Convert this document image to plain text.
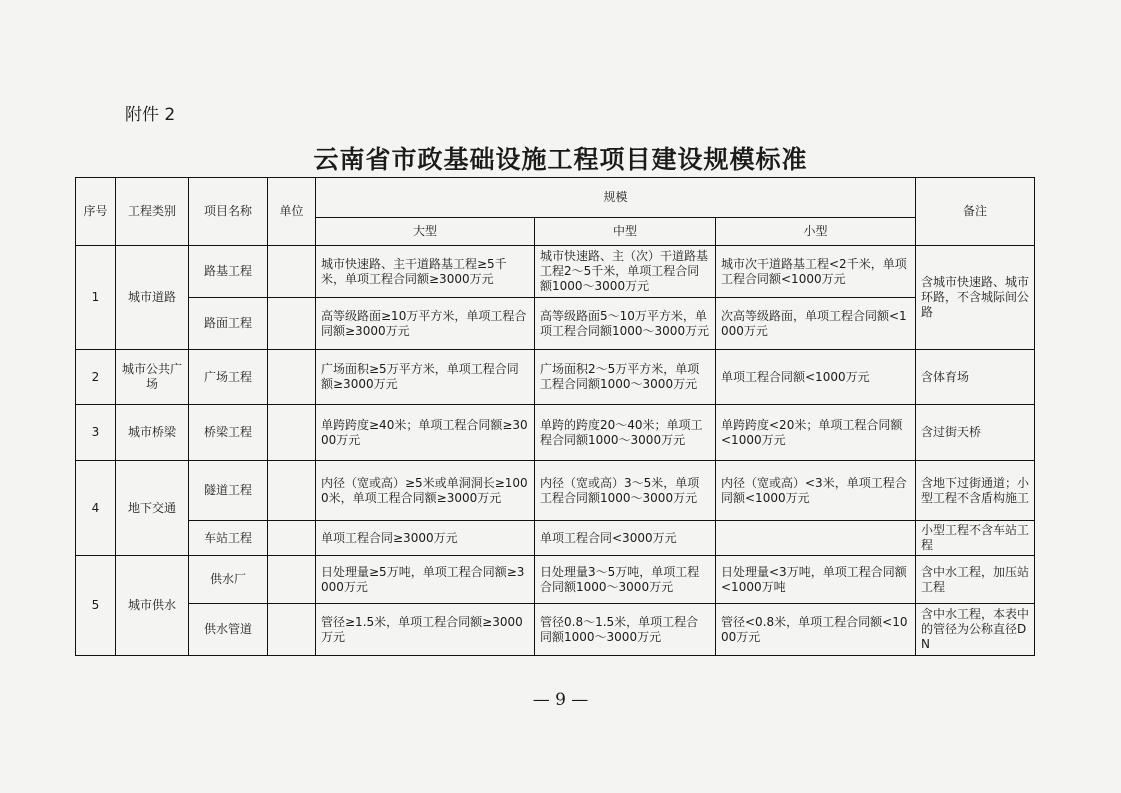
附件 2
云南省市政基础设施工程项目建设规模标准
序号	工程类别	项目名称	单位	规模			备注
				大型	中型	小型	
1	城市道路	路基工程		城市快速路、主干道路基工程≥5千米，单项工程合同额≥3000万元	城市快速路、主（次）干道路基工程2～5千米，单项工程合同额1000～3000万元	城市次干道路基工程<2千米，单项工程合同额<1000万元	含城市快速路、城市环路，不含城际间公路
		路面工程		高等级路面≥10万平方米，单项工程合同额≥3000万元	高等级路面5～10万平方米，单项工程合同额1000～3000万元	次高等级路面，单项工程合同额<1000万元	
2	城市公共广场	广场工程		广场面积≥5万平方米，单项工程合同额≥3000万元	广场面积2～5万平方米，单项工程合同额1000～3000万元	单项工程合同额<1000万元	含体育场
3	城市桥梁	桥梁工程		单跨跨度≥40米；单项工程合同额≥3000万元	单跨的跨度20～40米；单项工程合同额1000～3000万元	单跨跨度<20米；单项工程合同额<1000万元	含过街天桥
4	地下交通	隧道工程		内径（宽或高）≥5米或单洞洞长≥1000米，单项工程合同额≥3000万元	内径（宽或高）3～5米，单项工程合同额1000～3000万元	内径（宽或高）<3米，单项工程合同额<1000万元	含地下过街通道；小型工程不含盾构施工
		车站工程		单项工程合同≥3000万元	单项工程合同<3000万元		小型工程不含车站工程
5	城市供水	供水厂		日处理量≥5万吨，单项工程合同额≥3000万元	日处理量3～5万吨，单项工程合同额1000～3000万元	日处理量<3万吨，单项工程合同额<1000万吨	含中水工程，加压站工程
		供水管道		管径≥1.5米，单项工程合同额≥3000万元	管径0.8～1.5米，单项工程合同额1000～3000万元	管径<0.8米，单项工程合同额<1000万元	含中水工程，本表中的管径为公称直径DN
— 9 —
